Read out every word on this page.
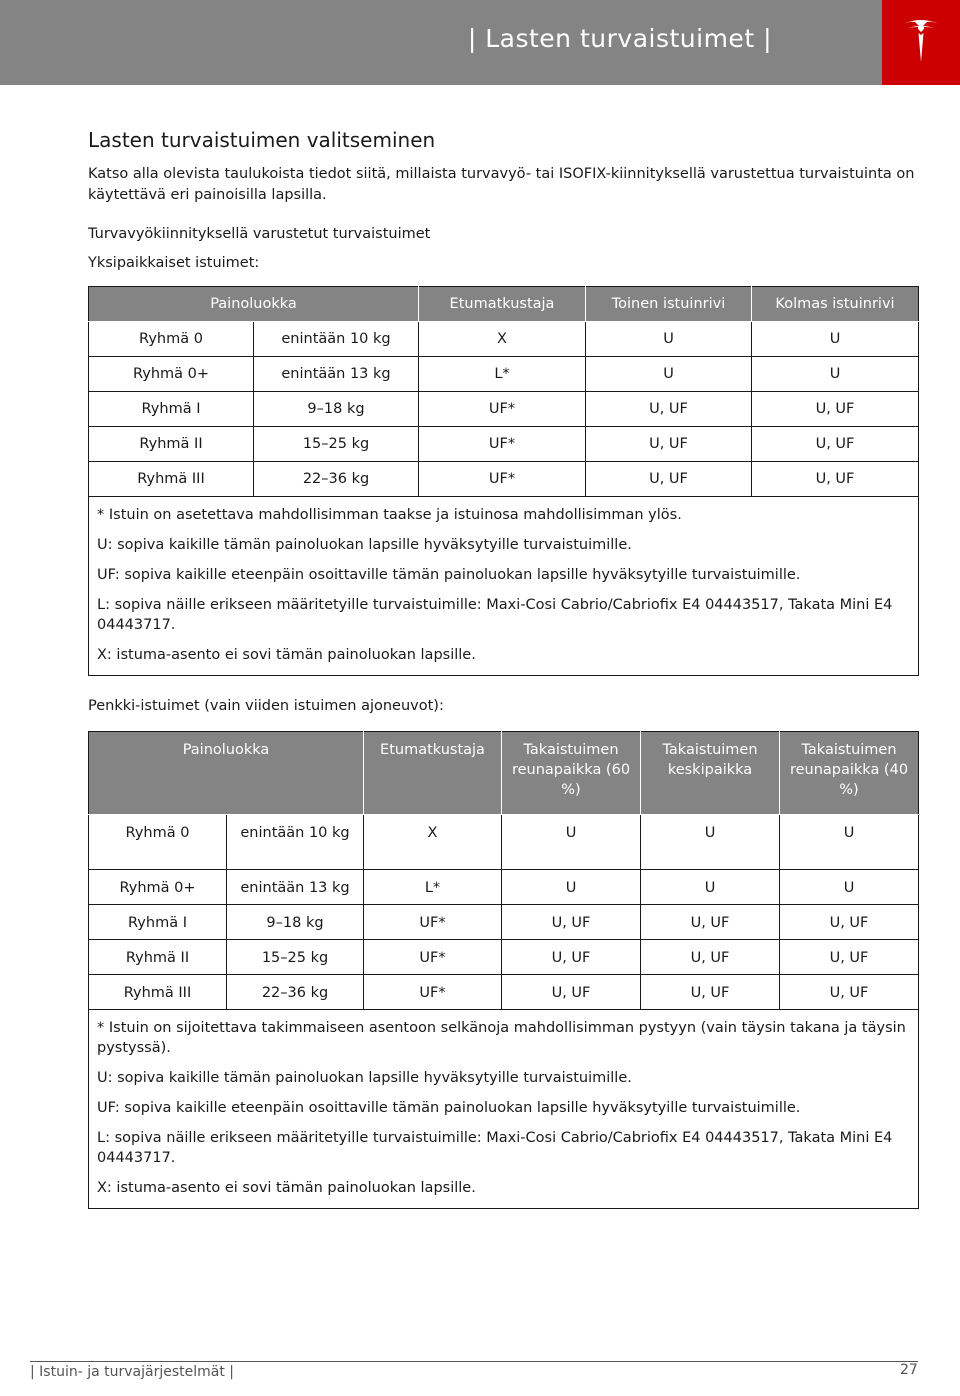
| Lasten turvaistuimet |
Lasten turvaistuimen valitseminen

Katso alla olevista taulukoista tiedot siitä, millaista turvavyö- tai ISOFIX-kiinnityksellä varustettua turvaistuinta on käytettävä eri painoisilla lapsilla.

Turvavyökiinnityksellä varustetut turvaistuimet

Yksipaikkaiset istuimet:

Painoluokka		Etumatkustaja	Toinen istuinrivi	Kolmas istuinrivi
Ryhmä 0	enintään 10 kg	X	U	U
Ryhmä 0+	enintään 13 kg	L*	U	U
Ryhmä I	9–18 kg	UF*	U, UF	U, UF
Ryhmä II	15–25 kg	UF*	U, UF	U, UF
Ryhmä III	22–36 kg	UF*	U, UF	U, UF

* Istuin on asetettava mahdollisimman taakse ja istuinosa mahdollisimman ylös.

U: sopiva kaikille tämän painoluokan lapsille hyväksytyille turvaistuimille.

UF: sopiva kaikille eteenpäin osoittaville tämän painoluokan lapsille hyväksytyille turvaistuimille.

L: sopiva näille erikseen määritetyille turvaistuimille: Maxi-Cosi Cabrio/Cabriofix E4 04443517, Takata Mini E4 04443717.

X: istuma-asento ei sovi tämän painoluokan lapsille.				

Penkki-istuimet (vain viiden istuimen ajoneuvot):

Painoluokka		Etumatkustaja	Takaistuimen reunapaikka (60 %)	Takaistuimen keskipaikka	Takaistuimen reunapaikka (40 %)
Ryhmä 0	enintään 10 kg	X	U	U	U
Ryhmä 0+	enintään 13 kg	L*	U	U	U
Ryhmä I	9–18 kg	UF*	U, UF	U, UF	U, UF
Ryhmä II	15–25 kg	UF*	U, UF	U, UF	U, UF
Ryhmä III	22–36 kg	UF*	U, UF	U, UF	U, UF

* Istuin on sijoitettava takimmaiseen asentoon selkänoja mahdollisimman pystyyn (vain täysin takana ja täysin pystyssä).

U: sopiva kaikille tämän painoluokan lapsille hyväksytyille turvaistuimille.

UF: sopiva kaikille eteenpäin osoittaville tämän painoluokan lapsille hyväksytyille turvaistuimille.

L: sopiva näille erikseen määritetyille turvaistuimille: Maxi-Cosi Cabrio/Cabriofix E4 04443517, Takata Mini E4 04443717.

X: istuma-asento ei sovi tämän painoluokan lapsille.					

| Istuin- ja turvajärjestelmät |	27
